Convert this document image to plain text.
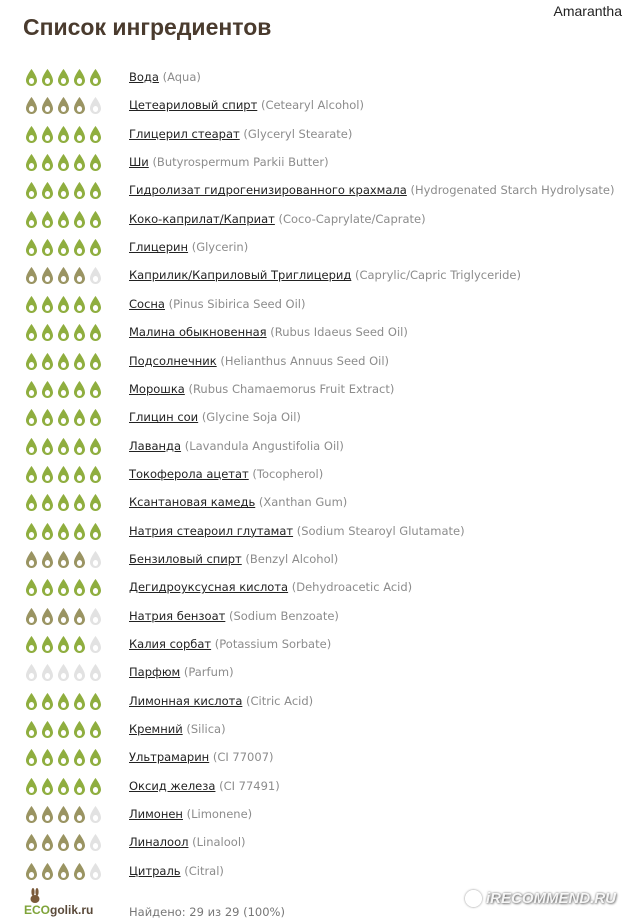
Amarantha
Список ингредиентов
Вода (Aqua)
Цетеариловый спирт (Cetearyl Alcohol)
Глицерил стеарат (Glyceryl Stearate)
Ши (Butyrospermum Parkii Butter)
Гидролизат гидрогенизированного крахмала (Hydrogenated Starch Hydrolysate)
Коко-каприлат/Каприат (Coco-Caprylate/Caprate)
Глицерин (Glycerin)
Каприлик/Каприловый Триглицерид (Caprylic/Capric Triglyceride)
Сосна (Pinus Sibirica Seed Oil)
Малина обыкновенная (Rubus Idaeus Seed Oil)
Подсолнечник (Helianthus Annuus Seed Oil)
Морошка (Rubus Chamaemorus Fruit Extract)
Глицин сои (Glycine Soja Oil)
Лаванда (Lavandula Angustifolia Oil)
Токоферола ацетат (Tocopherol)
Ксантановая камедь (Xanthan Gum)
Натрия стеароил глутамат (Sodium Stearoyl Glutamate)
Бензиловый спирт (Benzyl Alcohol)
Дегидроуксусная кислота (Dehydroacetic Acid)
Натрия бензоат (Sodium Benzoate)
Калия сорбат (Potassium Sorbate)
Парфюм (Parfum)
Лимонная кислота (Citric Acid)
Кремний (Silica)
Ультрамарин (CI 77007)
Оксид железа (CI 77491)
Лимонен (Limonene)
Линалоол (Linalool)
Цитраль (Citral)
ECOgolik.ru	Найдено: 29 из 29 (100%)
iRECOMMEND.RU
